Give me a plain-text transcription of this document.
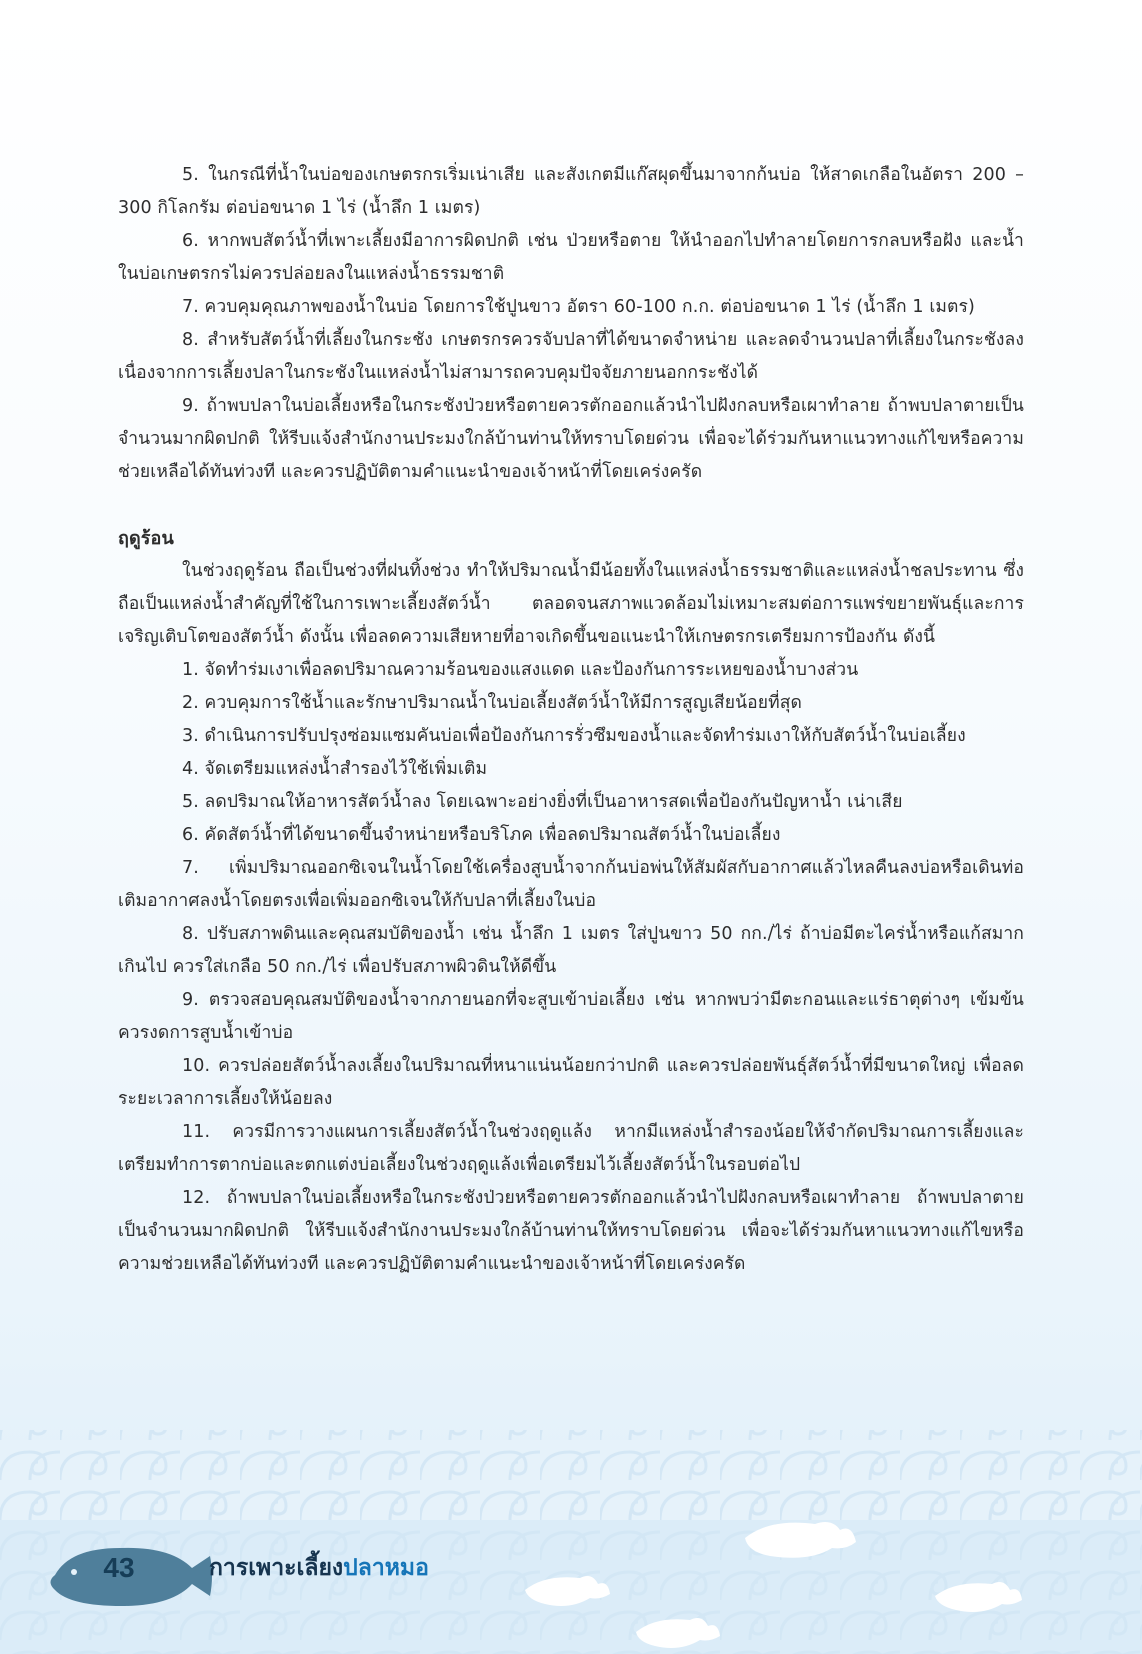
5. ในกรณีที่น้ำในบ่อของเกษตรกรเริ่มเน่าเสีย และสังเกตมีแก๊สผุดขึ้นมาจากก้นบ่อ ให้สาดเกลือในอัตรา 200 – 300 กิโลกรัม ต่อบ่อขนาด 1 ไร่ (น้ำลึก 1 เมตร)

6. หากพบสัตว์น้ำที่เพาะเลี้ยงมีอาการผิดปกติ เช่น ป่วยหรือตาย ให้นำออกไปทำลายโดยการกลบหรือฝัง และน้ำในบ่อเกษตรกรไม่ควรปล่อยลงในแหล่งน้ำธรรมชาติ

7. ควบคุมคุณภาพของน้ำในบ่อ โดยการใช้ปูนขาว อัตรา 60-100 ก.ก. ต่อบ่อขนาด 1 ไร่ (น้ำลึก 1 เมตร)

8. สำหรับสัตว์น้ำที่เลี้ยงในกระชัง เกษตรกรควรจับปลาที่ได้ขนาดจำหน่าย และลดจำนวนปลาที่เลี้ยงในกระชังลง เนื่องจากการเลี้ยงปลาในกระชังในแหล่งน้ำไม่สามารถควบคุมปัจจัยภายนอกกระชังได้

9. ถ้าพบปลาในบ่อเลี้ยงหรือในกระชังป่วยหรือตายควรตักออกแล้วนำไปฝังกลบหรือเผาทำลาย ถ้าพบปลาตายเป็นจำนวนมากผิดปกติ ให้รีบแจ้งสำนักงานประมงใกล้บ้านท่านให้ทราบโดยด่วน เพื่อจะได้ร่วมกันหาแนวทางแก้ไขหรือความช่วยเหลือได้ทันท่วงที และควรปฏิบัติตามคำแนะนำของเจ้าหน้าที่โดยเคร่งครัด

ฤดูร้อน

ในช่วงฤดูร้อน ถือเป็นช่วงที่ฝนทิ้งช่วง ทำให้ปริมาณน้ำมีน้อยทั้งในแหล่งน้ำธรรมชาติและแหล่งน้ำชลประทาน ซึ่งถือเป็นแหล่งน้ำสำคัญที่ใช้ในการเพาะเลี้ยงสัตว์น้ำ ตลอดจนสภาพแวดล้อมไม่เหมาะสมต่อการแพร่ขยายพันธุ์และการเจริญเติบโตของสัตว์น้ำ ดังนั้น เพื่อลดความเสียหายที่อาจเกิดขึ้นขอแนะนำให้เกษตรกรเตรียมการป้องกัน ดังนี้

1. จัดทำร่มเงาเพื่อลดปริมาณความร้อนของแสงแดด และป้องกันการระเหยของน้ำบางส่วน

2. ควบคุมการใช้น้ำและรักษาปริมาณน้ำในบ่อเลี้ยงสัตว์น้ำให้มีการสูญเสียน้อยที่สุด

3. ดำเนินการปรับปรุงซ่อมแซมคันบ่อเพื่อป้องกันการรั่วซึมของน้ำและจัดทำร่มเงาให้กับสัตว์น้ำในบ่อเลี้ยง

4. จัดเตรียมแหล่งน้ำสำรองไว้ใช้เพิ่มเติม

5. ลดปริมาณให้อาหารสัตว์น้ำลง โดยเฉพาะอย่างยิ่งที่เป็นอาหารสดเพื่อป้องกันปัญหาน้ำ เน่าเสีย

6. คัดสัตว์น้ำที่ได้ขนาดขึ้นจำหน่ายหรือบริโภค เพื่อลดปริมาณสัตว์น้ำในบ่อเลี้ยง

7. เพิ่มปริมาณออกซิเจนในน้ำโดยใช้เครื่องสูบน้ำจากก้นบ่อพ่นให้สัมผัสกับอากาศแล้วไหลคืนลงบ่อหรือเดินท่อเติมอากาศลงน้ำโดยตรงเพื่อเพิ่มออกซิเจนให้กับปลาที่เลี้ยงในบ่อ

8. ปรับสภาพดินและคุณสมบัติของน้ำ เช่น น้ำลึก 1 เมตร ใส่ปูนขาว 50 กก./ไร่ ถ้าบ่อมีตะไคร่น้ำหรือแก้สมากเกินไป ควรใส่เกลือ 50 กก./ไร่ เพื่อปรับสภาพผิวดินให้ดีขึ้น

9. ตรวจสอบคุณสมบัติของน้ำจากภายนอกที่จะสูบเข้าบ่อเลี้ยง เช่น หากพบว่ามีตะกอนและแร่ธาตุต่างๆ เข้มข้น ควรงดการสูบน้ำเข้าบ่อ

10. ควรปล่อยสัตว์น้ำลงเลี้ยงในปริมาณที่หนาแน่นน้อยกว่าปกติ และควรปล่อยพันธุ์สัตว์น้ำที่มีขนาดใหญ่ เพื่อลดระยะเวลาการเลี้ยงให้น้อยลง

11. ควรมีการวางแผนการเลี้ยงสัตว์น้ำในช่วงฤดูแล้ง หากมีแหล่งน้ำสำรองน้อยให้จำกัดปริมาณการเลี้ยงและเตรียมทำการตากบ่อและตกแต่งบ่อเลี้ยงในช่วงฤดูแล้งเพื่อเตรียมไว้เลี้ยงสัตว์น้ำในรอบต่อไป

12. ถ้าพบปลาในบ่อเลี้ยงหรือในกระชังป่วยหรือตายควรตักออกแล้วนำไปฝังกลบหรือเผาทำลาย ถ้าพบปลาตายเป็นจำนวนมากผิดปกติ ให้รีบแจ้งสำนักงานประมงใกล้บ้านท่านให้ทราบโดยด่วน เพื่อจะได้ร่วมกันหาแนวทางแก้ไขหรือความช่วยเหลือได้ทันท่วงที และควรปฏิบัติตามคำแนะนำของเจ้าหน้าที่โดยเคร่งครัด

43	การเพาะเลี้ยงปลาหมอ
